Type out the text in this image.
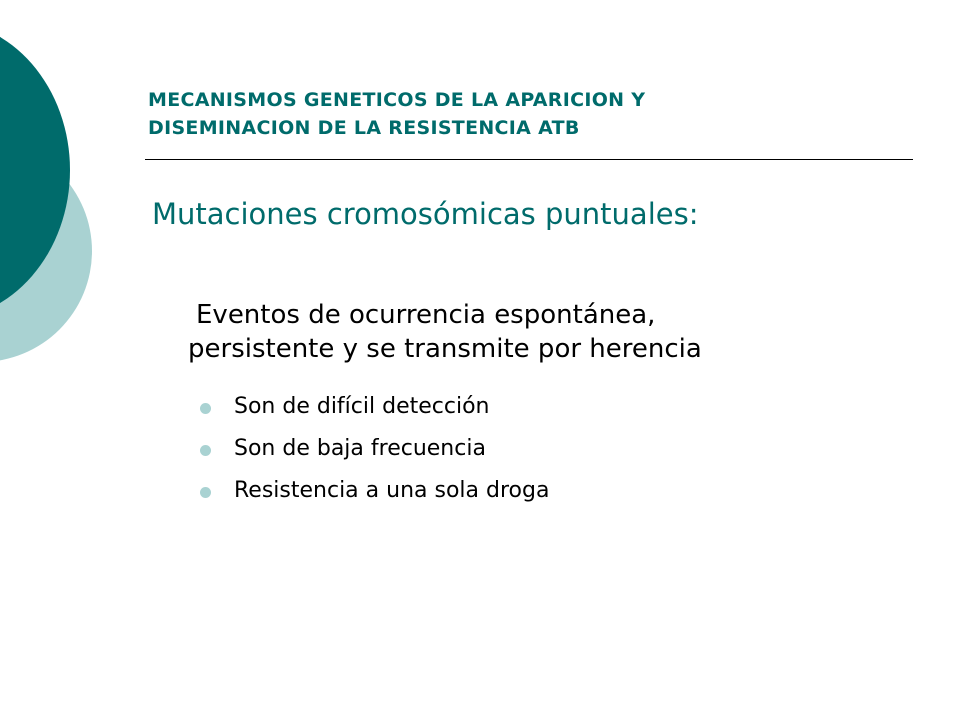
MECANISMOS GENETICOS DE LA APARICION Y
DISEMINACION DE LA RESISTENCIA ATB
Mutaciones cromosómicas puntuales:
Eventos de ocurrencia espontánea,
persistente y se transmite por herencia
Son de difícil detección
Son de baja frecuencia
Resistencia a una sola droga
